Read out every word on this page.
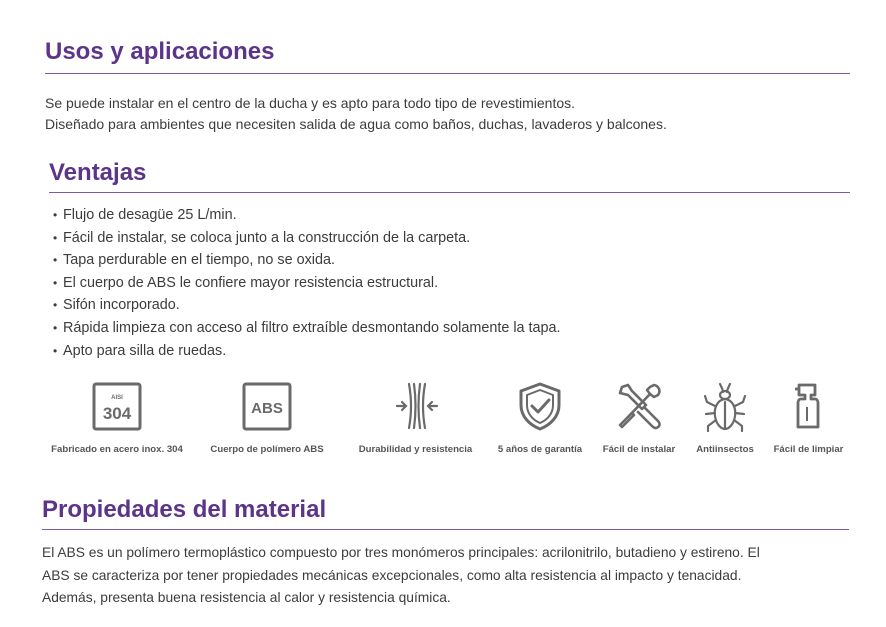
Usos y aplicaciones

Se puede instalar en el centro de la ducha y es apto para todo tipo de revestimientos.

Diseñado para ambientes que necesiten salida de agua como baños, duchas, lavaderos y balcones.

Ventajas
• Flujo de desagüe 25 L/min.
• Fácil de instalar, se coloca junto a la construcción de la carpeta.
• Tapa perdurable en el tiempo, no se oxida.
• El cuerpo de ABS le confiere mayor resistencia estructural.
• Sifón incorporado.
• Rápida limpieza con acceso al filtro extraíble desmontando solamente la tapa.
• Apto para silla de ruedas.
AISI
304	ABS
Fabricado en acero inox. 304	Cuerpo de polímero ABS	Durabilidad y resistencia	5 años de garantía	Fácil de instalar	Antiinsectos	Fácil de limpiar
Propiedades del material

El ABS es un polímero termoplástico compuesto por tres monómeros principales: acrilonitrilo, butadieno y estireno. El

ABS se caracteriza por tener propiedades mecánicas excepcionales, como alta resistencia al impacto y tenacidad.

Además, presenta buena resistencia al calor y resistencia química.
